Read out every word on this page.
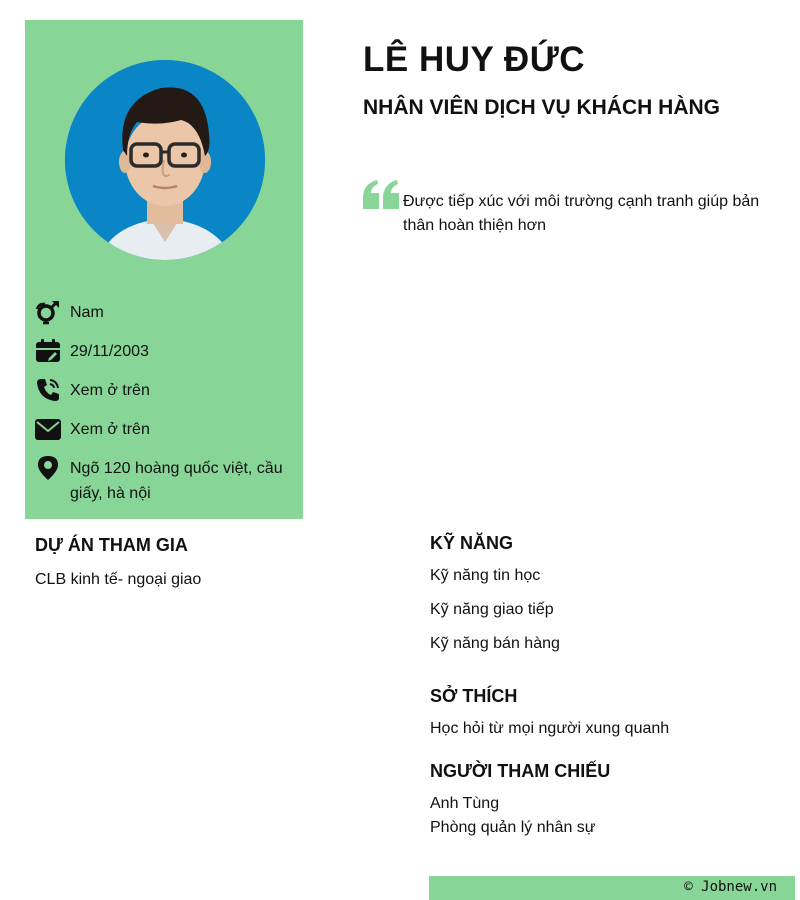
Nam
29/11/2003
Xem ở trên
Xem ở trên
Ngõ 120 hoàng quốc việt, cầu giấy, hà nội
LÊ HUY ĐỨC
NHÂN VIÊN DỊCH VỤ KHÁCH HÀNG
Được tiếp xúc với môi trường cạnh tranh giúp bản thân hoàn thiện hơn
DỰ ÁN THAM GIA
CLB kinh tế- ngoại giao
KỸ NĂNG
Kỹ năng tin học
Kỹ năng giao tiếp
Kỹ năng bán hàng
SỞ THÍCH
Học hỏi từ mọi người xung quanh
NGƯỜI THAM CHIẾU
Anh Tùng
Phòng quản lý nhân sự
© Jobnew.vn
